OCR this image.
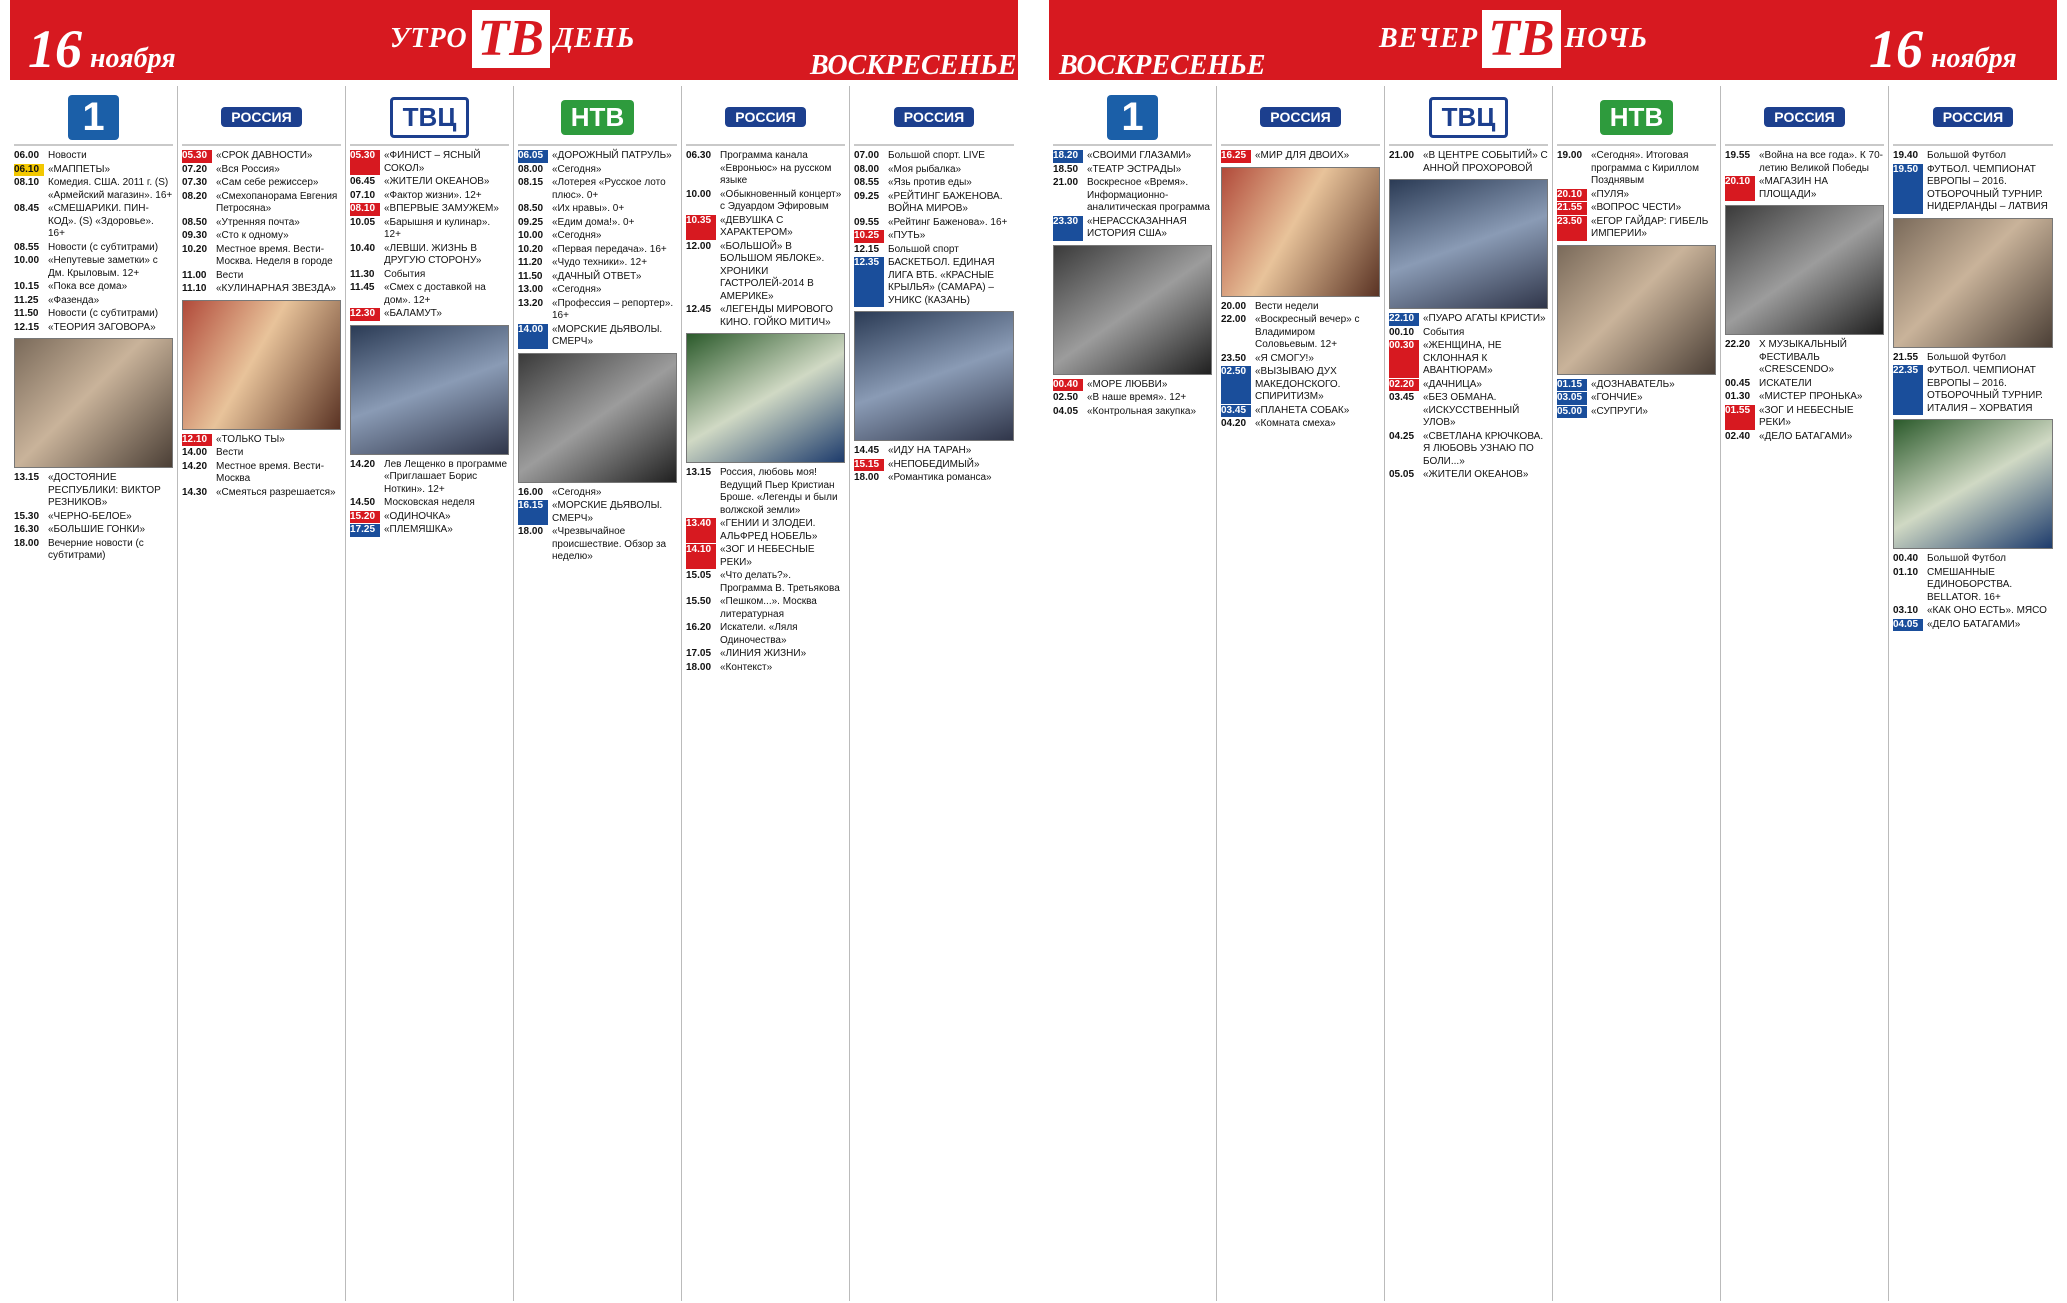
16 ноября
УТРО ТВ ДЕНЬ
ВОСКРЕСЕНЬЕ
1
06.00 Новости
06.10 «МАППЕТЫ»
08.10 Комедия. США. 2011 г. (S) «Армейский магазин». 16+
08.45 «СМЕШАРИКИ. ПИН-КОД». (S) «Здоровье». 16+
08.55 Новости (с субтитрами)
10.00 «Непутевые заметки» с Дм. Крыловым. 12+
10.15 «Пока все дома»
11.25 «Фазенда»
11.50 Новости (с субтитрами)
12.15 «ТЕОРИЯ ЗАГОВОРА»
13.15 «ДОСТОЯНИЕ РЕСПУБЛИКИ: ВИКТОР РЕЗНИКОВ»
15.30 «ЧЕРНО-БЕЛОЕ»
16.30 «БОЛЬШИЕ ГОНКИ»
18.00 Вечерние новости (с субтитрами)
РОССИЯ
05.30 «СРОК ДАВНОСТИ»
07.20 «Вся Россия»
07.30 «Сам себе режиссер»
08.20 «Смехопанорама Евгения Петросяна»
08.50 «Утренняя почта»
09.30 «Сто к одному»
10.20 Местное время. Вести-Москва. Неделя в городе
11.00 Вести
11.10 «КУЛИНАРНАЯ ЗВЕЗДА»
12.10 «ТОЛЬКО ТЫ»
14.00 Вести
14.20 Местное время. Вести-Москва
14.30 «Смеяться разрешается»
ТВЦ
05.30 «ФИНИСТ – ЯСНЫЙ СОКОЛ»
06.45 «ЖИТЕЛИ ОКЕАНОВ»
07.10 «Фактор жизни». 12+
08.10 «ВПЕРВЫЕ ЗАМУЖЕМ»
10.05 «Барышня и кулинар». 12+
10.40 «ЛЕВШИ. ЖИЗНЬ В ДРУГУЮ СТОРОНУ»
11.30 События
11.45 «Смех с доставкой на дом». 12+
12.30 «БАЛАМУТ»
14.20 Лев Лещенко в программе «Приглашает Борис Ноткин». 12+
14.50 Московская неделя
15.20 «ОДИНОЧКА»
17.25 «ПЛЕМЯШКА»
НТВ
06.05 «ДОРОЖНЫЙ ПАТРУЛЬ»
08.00 «Сегодня»
08.15 «Лотерея «Русское лото плюс». 0+
08.50 «Их нравы». 0+
09.25 «Едим дома!». 0+
10.00 «Сегодня»
10.20 «Первая передача». 16+
11.20 «Чудо техники». 12+
11.50 «ДАЧНЫЙ ОТВЕТ»
13.00 «Сегодня»
13.20 «Профессия – репортер». 16+
14.00 «МОРСКИЕ ДЬЯВОЛЫ. СМЕРЧ»
16.00 «Сегодня»
16.15 «МОРСКИЕ ДЬЯВОЛЫ. СМЕРЧ»
18.00 «Чрезвычайное происшествие. Обзор за неделю»
РОССИЯ
06.30 Программа канала «Евроньюс» на русском языке
10.00 «Обыкновенный концерт» с Эдуардом Эфировым
10.35 «ДЕВУШКА С ХАРАКТЕРОМ»
12.00 «БОЛЬШОЙ» В БОЛЬШОМ ЯБЛОКЕ». ХРОНИКИ ГАСТРОЛЕЙ-2014 В АМЕРИКЕ»
12.45 «ЛЕГЕНДЫ МИРОВОГО КИНО. ГОЙКО МИТИЧ»
13.15 Россия, любовь моя! Ведущий Пьер Кристиан Броше. «Легенды и были волжской земли»
13.40 «ГЕНИИ И ЗЛОДЕИ. АЛЬФРЕД НОБЕЛЬ»
14.10 «ЗОГ И НЕБЕСНЫЕ РЕКИ»
15.05 «Что делать?». Программа В. Третьякова
15.50 «Пешком...». Москва литературная
16.20 Искатели. «Ляля Одиночества»
17.05 «ЛИНИЯ ЖИЗНИ»
18.00 «Контекст»
РОССИЯ
07.00 Большой спорт. LIVE
08.00 «Моя рыбалка»
08.55 «Язь против еды»
09.25 «РЕЙТИНГ БАЖЕНОВА. ВОЙНА МИРОВ»
09.55 «Рейтинг Баженова». 16+
10.25 «ПУТЬ»
12.15 Большой спорт
12.35 БАСКЕТБОЛ. ЕДИНАЯ ЛИГА ВТБ. «КРАСНЫЕ КРЫЛЬЯ» (САМАРА) – УНИКС (КАЗАНЬ)
14.45 «ИДУ НА ТАРАН»
15.15 «НЕПОБЕДИМЫЙ»
18.00 «Романтика романса»
ВОСКРЕСЕНЬЕ
ВЕЧЕР ТВ НОЧЬ	16 ноября
1
18.20 «СВОИМИ ГЛАЗАМИ»
18.50 «ТЕАТР ЭСТРАДЫ»
21.00 Воскресное «Время». Информационно-аналитическая программа
23.30 «НЕРАССКАЗАННАЯ ИСТОРИЯ США»
00.40 «МОРЕ ЛЮБВИ»
02.50 «В наше время». 12+
04.05 «Контрольная закупка»
РОССИЯ
16.25 «МИР ДЛЯ ДВОИХ»
20.00 Вести недели
22.00 «Воскресный вечер» с Владимиром Соловьевым. 12+
23.50 «Я СМОГУ!»
02.50 «ВЫЗЫВАЮ ДУХ МАКЕДОНСКОГО. СПИРИТИЗМ»
03.45 «ПЛАНЕТА СОБАК»
04.20 «Комната смеха»
ТВЦ
21.00 «В ЦЕНТРЕ СОБЫТИЙ» С АННОЙ ПРОХОРОВОЙ
22.10 «ПУАРО АГАТЫ КРИСТИ»
00.10 События
00.30 «ЖЕНЩИНА, НЕ СКЛОННАЯ К АВАНТЮРАМ»
02.20 «ДАЧНИЦА»
03.45 «БЕЗ ОБМАНА. «ИСКУССТВЕННЫЙ УЛОВ»
04.25 «СВЕТЛАНА КРЮЧКОВА. Я ЛЮБОВЬ УЗНАЮ ПО БОЛИ...»
05.05 «ЖИТЕЛИ ОКЕАНОВ»
НТВ
19.00 «Сегодня». Итоговая программа с Кириллом Позднявым
20.10 «ПУЛЯ»
21.55 «ВОПРОС ЧЕСТИ»
23.50 «ЕГОР ГАЙДАР: ГИБЕЛЬ ИМПЕРИИ»
01.15 «ДОЗНАВАТЕЛЬ»
03.05 «ГОНЧИЕ»
05.00 «СУПРУГИ»
РОССИЯ
19.55 «Война на все года». К 70-летию Великой Победы
20.10 «МАГАЗИН НА ПЛОЩАДИ»
22.20 Х МУЗЫКАЛЬНЫЙ ФЕСТИВАЛЬ «CRESCENDO»
00.45 ИСКАТЕЛИ
01.30 «МИСТЕР ПРОНЬКА»
01.55 «ЗОГ И НЕБЕСНЫЕ РЕКИ»
02.40 «ДЕЛО БАТАГАМИ»
РОССИЯ
19.40 Большой Футбол
19.50 ФУТБОЛ. ЧЕМПИОНАТ ЕВРОПЫ – 2016. ОТБОРОЧНЫЙ ТУРНИР. НИДЕРЛАНДЫ – ЛАТВИЯ
21.55 Большой Футбол
22.35 ФУТБОЛ. ЧЕМПИОНАТ ЕВРОПЫ – 2016. ОТБОРОЧНЫЙ ТУРНИР. ИТАЛИЯ – ХОРВАТИЯ
00.40 Большой Футбол
01.10 СМЕШАННЫЕ ЕДИНОБОРСТВА. BELLATOR. 16+
03.10 «КАК ОНО ЕСТЬ». МЯСО
04.05 «ДЕЛО БАТАГАМИ»
